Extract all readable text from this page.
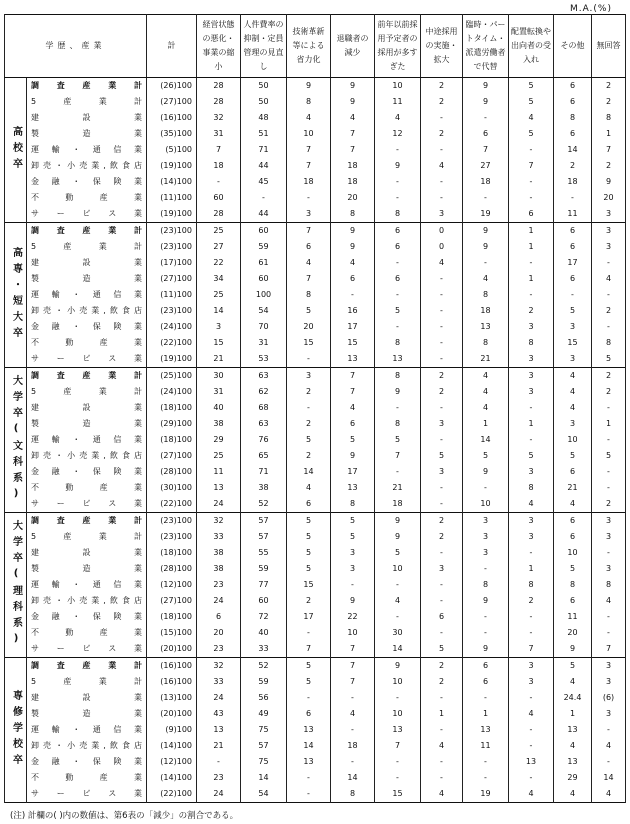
M.A.(%)
学歴、産業		計	経営状態の悪化・事業の縮小	人件費率の抑制・定員管理の見直し	技術革新等による省力化	退職者の減少	前年以前採用予定者の採用が多すぎた	中途採用の実施・拡大	臨時・パートタイム・派遣労働者で代替	配置転換や出向者の受入れ	その他	無回答
高校卒	調査産業計	(26)100	28	50	9	9	10	2	9	5	6	2
	5産業計	(27)100	28	50	8	9	11	2	9	5	6	2
	建設業	(16)100	32	48	4	4	4	-	-	4	8	8
	製造業	(35)100	31	51	10	7	12	2	6	5	6	1
	運輸・通信業	(5)100	7	71	7	7	-	-	7	-	14	7
	卸売・小売業,飲食店	(19)100	18	44	7	18	9	4	27	7	2	2
	金融・保険業	(14)100	-	45	18	18	-	-	18	-	18	9
	不動産業	(11)100	60	-	-	20	-	-	-	-	-	20
	サービス業	(19)100	28	44	3	8	8	3	19	6	11	3
高専・短大卒	調査産業計	(23)100	25	60	7	9	6	0	9	1	6	3
	5産業計	(23)100	27	59	6	9	6	0	9	1	6	3
	建設業	(17)100	22	61	4	4	-	4	-	-	17	-
	製造業	(27)100	34	60	7	6	6	-	4	1	6	4
	運輸・通信業	(11)100	25	100	8	-	-	-	8	-	-	-
	卸売・小売業,飲食店	(23)100	14	54	5	16	5	-	18	2	5	2
	金融・保険業	(24)100	3	70	20	17	-	-	13	3	3	-
	不動産業	(22)100	15	31	15	15	8	-	8	8	15	8
	サービス業	(19)100	21	53	-	13	13	-	21	3	3	5
大学卒(文科系)	調査産業計	(25)100	30	63	3	7	8	2	4	3	4	2
	5産業計	(24)100	31	62	2	7	9	2	4	3	4	2
	建設業	(18)100	40	68	-	4	-	-	4	-	4	-
	製造業	(29)100	38	63	2	6	8	3	1	1	3	1
	運輸・通信業	(18)100	29	76	5	5	5	-	14	-	10	-
	卸売・小売業,飲食店	(27)100	25	65	2	9	7	5	5	5	5	5
	金融・保険業	(28)100	11	71	14	17	-	3	9	3	6	-
	不動産業	(30)100	13	38	4	13	21	-	-	8	21	-
	サービス業	(22)100	24	52	6	8	18	-	10	4	4	2
大学卒(理科系)	調査産業計	(23)100	32	57	5	5	9	2	3	3	6	3
	5産業計	(23)100	33	57	5	5	9	2	3	3	6	3
	建設業	(18)100	38	55	5	3	5	-	3	-	10	-
	製造業	(28)100	38	59	5	3	10	3	-	1	5	3
	運輸・通信業	(12)100	23	77	15	-	-	-	8	8	8	8
	卸売・小売業,飲食店	(27)100	24	60	2	9	4	-	9	2	6	4
	金融・保険業	(18)100	6	72	17	22	-	6	-	-	11	-
	不動産業	(15)100	20	40	-	10	30	-	-	-	20	-
	サービス業	(20)100	23	33	7	7	14	5	9	7	9	7
専修学校卒	調査産業計	(16)100	32	52	5	7	9	2	6	3	5	3
	5産業計	(16)100	33	59	5	7	10	2	6	3	4	3
	建設業	(13)100	24	56	-	-	-	-	-	-	24.4	(6)
	製造業	(20)100	43	49	6	4	10	1	1	4	1	3
	運輸・通信業	(9)100	13	75	13	-	13	-	13	-	13	-
	卸売・小売業,飲食店	(14)100	21	57	14	18	7	4	11	-	4	4
	金融・保険業	(12)100	-	75	13	-	-	-	-	13	13	-
	不動産業	(14)100	23	14	-	14	-	-	-	-	29	14
	サービス業	(22)100	24	54	-	8	15	4	19	4	4	4
(注) 計欄の( )内の数値は、第6表の「減少」の割合である。
